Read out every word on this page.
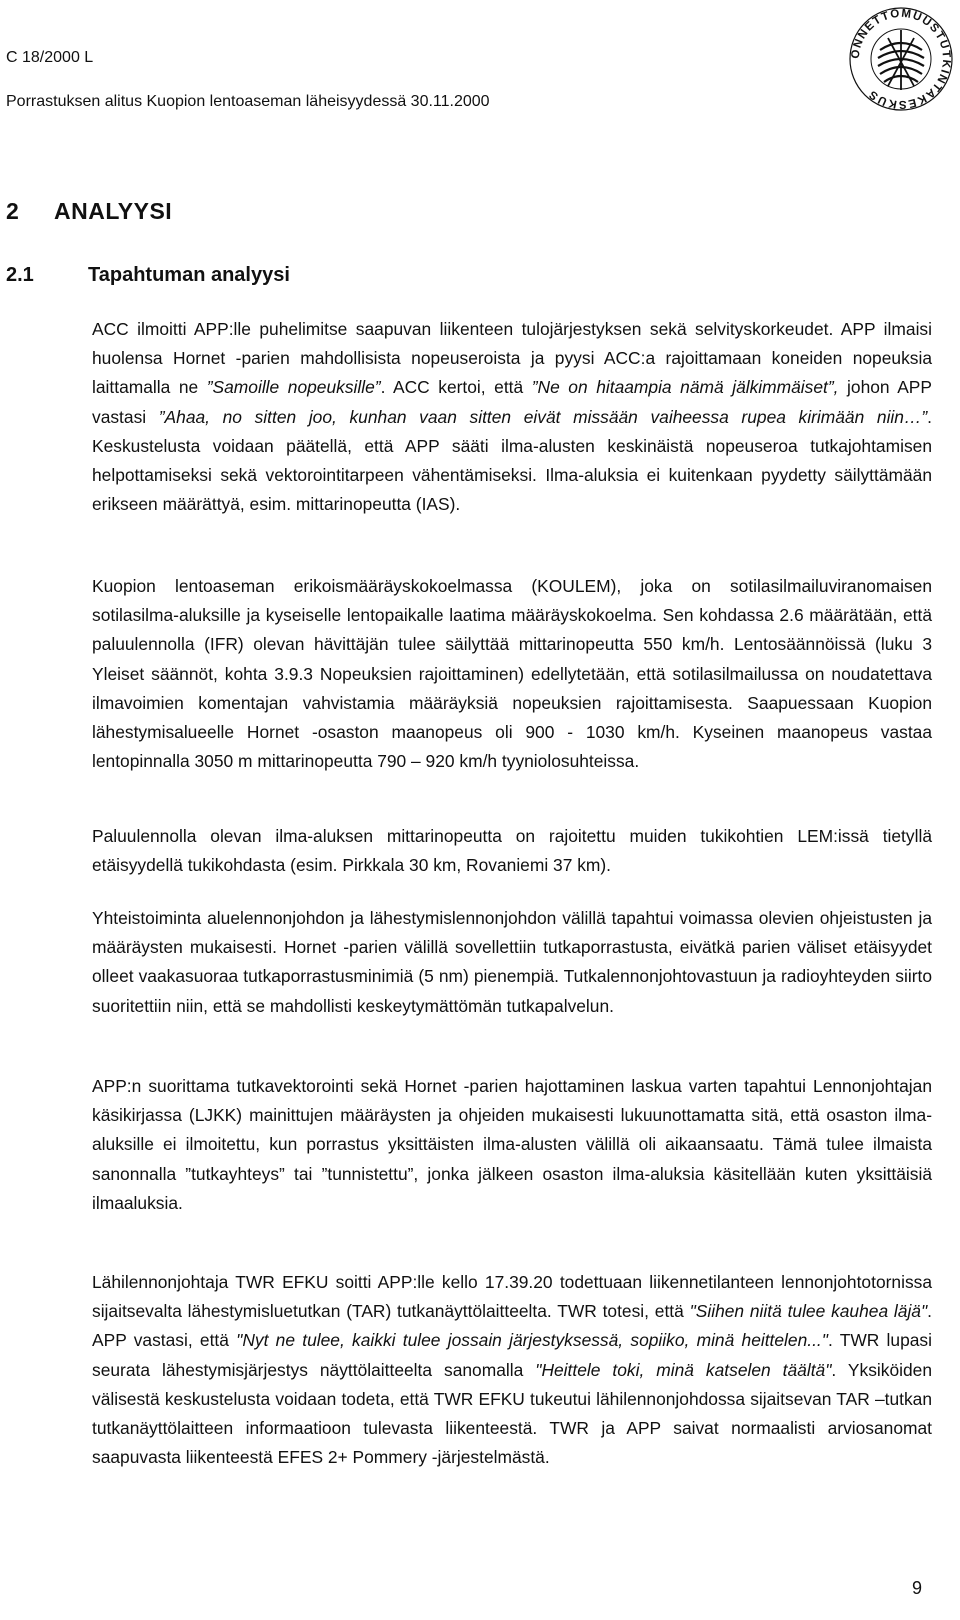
C 18/2000 L
Porrastuksen alitus Kuopion lentoaseman läheisyydessä 30.11.2000
ONNETTOMUUSTUTKINTAKESKUS
2 ANALYYSI
2.1	Tapahtuman analyysi

ACC ilmoitti APP:lle puhelimitse saapuvan liikenteen tulojärjestyksen sekä selvityskorkeudet. APP ilmaisi huolensa Hornet -parien mahdollisista nopeuseroista ja pyysi ACC:a rajoittamaan koneiden nopeuksia laittamalla ne ”Samoille nopeuksille”. ACC kertoi, että ”Ne on hitaampia nämä jälkimmäiset”, johon APP vastasi ”Ahaa, no sitten joo, kunhan vaan sitten eivät missään vaiheessa rupea kirimään niin…”. Keskustelusta voidaan päätellä, että APP sääti ilma-alusten keskinäistä nopeuseroa tutkajohtamisen helpottamiseksi sekä vektorointitarpeen vähentämiseksi. Ilma-aluksia ei kuitenkaan pyydetty säilyttämään erikseen määrättyä, esim. mittarinopeutta (IAS).

Kuopion lentoaseman erikoismääräyskokoelmassa (KOULEM), joka on sotilasilmailuviranomaisen sotilasilma-aluksille ja kyseiselle lentopaikalle laatima määräyskokoelma. Sen kohdassa 2.6 määrätään, että paluulennolla (IFR) olevan hävittäjän tulee säilyttää mittarinopeutta 550 km/h. Lentosäännöissä (luku 3 Yleiset säännöt, kohta 3.9.3 Nopeuksien rajoittaminen) edellytetään, että sotilasilmailussa on noudatettava ilmavoimien komentajan vahvistamia määräyksiä nopeuksien rajoittamisesta. Saapuessaan Kuopion lähestymisalueelle Hornet -osaston maanopeus oli 900 - 1030 km/h. Kyseinen maanopeus vastaa lentopinnalla 3050 m mittarinopeutta 790 – 920 km/h tyyniolosuhteissa.

Paluulennolla olevan ilma-aluksen mittarinopeutta on rajoitettu muiden tukikohtien LEM:issä tietyllä etäisyydellä tukikohdasta (esim. Pirkkala 30 km, Rovaniemi 37 km).

Yhteistoiminta aluelennonjohdon ja lähestymislennonjohdon välillä tapahtui voimassa olevien ohjeistusten ja määräysten mukaisesti. Hornet -parien välillä sovellettiin tutkaporrastusta, eivätkä parien väliset etäisyydet olleet vaakasuoraa tutkaporrastusminimiä (5 nm) pienempiä. Tutkalennonjohtovastuun ja radioyhteyden siirto suoritettiin niin, että se mahdollisti keskeytymättömän tutkapalvelun.

APP:n suorittama tutkavektorointi sekä Hornet -parien hajottaminen laskua varten tapahtui Lennonjohtajan käsikirjassa (LJKK) mainittujen määräysten ja ohjeiden mukaisesti lukuunottamatta sitä, että osaston ilma-aluksille ei ilmoitettu, kun porrastus yksittäisten ilma-alusten välillä oli aikaansaatu. Tämä tulee ilmaista sanonnalla ”tutkayhteys” tai ”tunnistettu”, jonka jälkeen osaston ilma-aluksia käsitellään kuten yksittäisiä ilmaaluksia.

Lähilennonjohtaja TWR EFKU soitti APP:lle kello 17.39.20 todettuaan liikennetilanteen lennonjohtotornissa sijaitsevalta lähestymisluetutkan (TAR) tutkanäyttölaitteelta. TWR totesi, että "Siihen niitä tulee kauhea läjä". APP vastasi, että "Nyt ne tulee, kaikki tulee jossain järjestyksessä, sopiiko, minä heittelen...". TWR lupasi seurata lähestymisjärjestys näyttölaitteelta sanomalla "Heittele toki, minä katselen täältä". Yksiköiden välisestä keskustelusta voidaan todeta, että TWR EFKU tukeutui lähilennonjohdossa sijaitsevan TAR –tutkan tutkanäyttölaitteen informaatioon tulevasta liikenteestä. TWR ja APP saivat normaalisti arviosanomat saapuvasta liikenteestä EFES 2+ Pommery -järjestelmästä.

9
